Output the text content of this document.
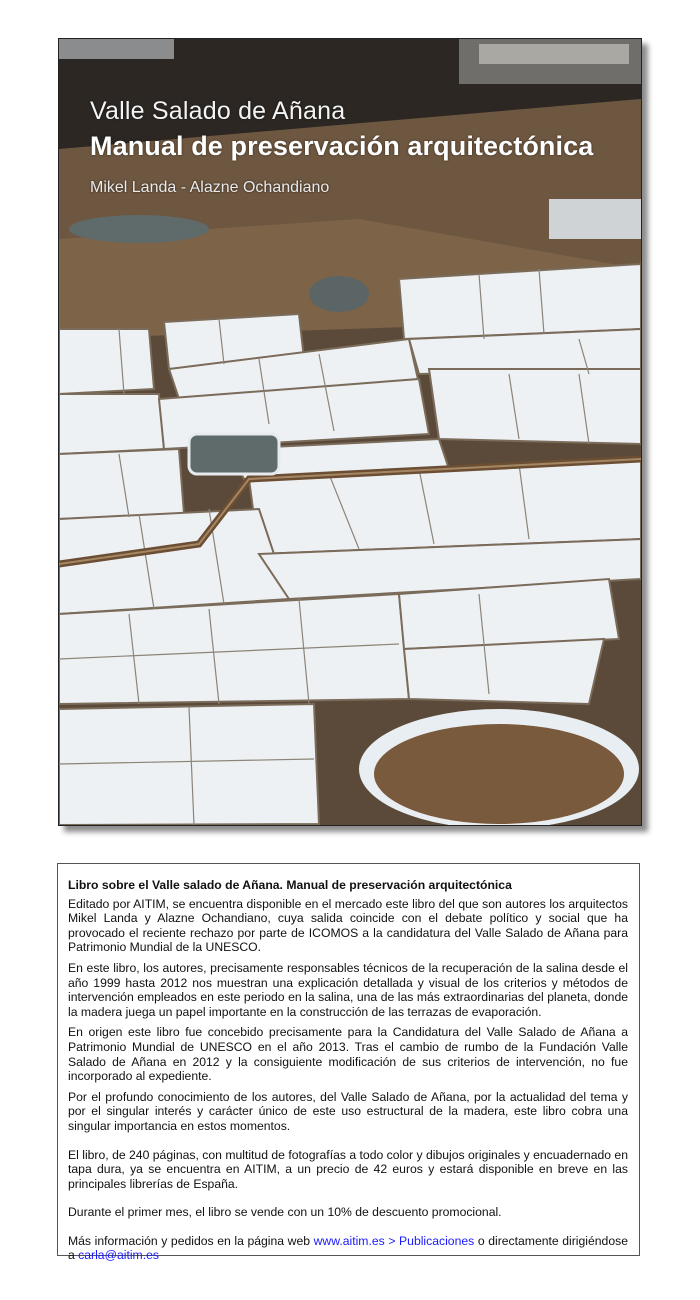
Valle Salado de Añana
Manual de preservación arquitectónica
Mikel Landa - Alazne Ochandiano

Libro sobre el Valle salado de Añana. Manual de preservación arquitectónica

Editado por AITIM, se encuentra disponible en el mercado este libro del que son autores los arquitectos Mikel Landa y Alazne Ochandiano, cuya salida coincide con el debate político y social que ha provocado el reciente rechazo por parte de ICOMOS a la candidatura del Valle Salado de Añana para Patrimonio Mundial de la UNESCO.

En este libro, los autores, precisamente responsables técnicos de la recuperación de la salina desde el año 1999 hasta 2012 nos muestran una explicación detallada y visual de los criterios y métodos de intervención empleados en este periodo en la salina, una de las más extraordinarias del planeta, donde la madera juega un papel importante en la construcción de las terrazas de evaporación.

En origen este libro fue concebido precisamente para la Candidatura del Valle Salado de Añana a Patrimonio Mundial de UNESCO en el año 2013. Tras el cambio de rumbo de la Fundación Valle Salado de Añana en 2012 y la consiguiente modificación de sus criterios de intervención, no fue incorporado al expediente.

Por el profundo conocimiento de los autores, del Valle Salado de Añana, por la actualidad del tema y por el singular interés y carácter único de este uso estructural de la madera, este libro cobra una singular importancia en estos momentos.

El libro, de 240 páginas, con multitud de fotografías a todo color y dibujos originales y encuadernado en tapa dura, ya se encuentra en AITIM, a un precio de 42 euros y estará disponible en breve en las principales librerías de España.

Durante el primer mes, el libro se vende con un 10% de descuento promocional.

Más información y pedidos en la página web www.aitim.es > Publicaciones o directamente dirigiéndose a carla@aitim.es
